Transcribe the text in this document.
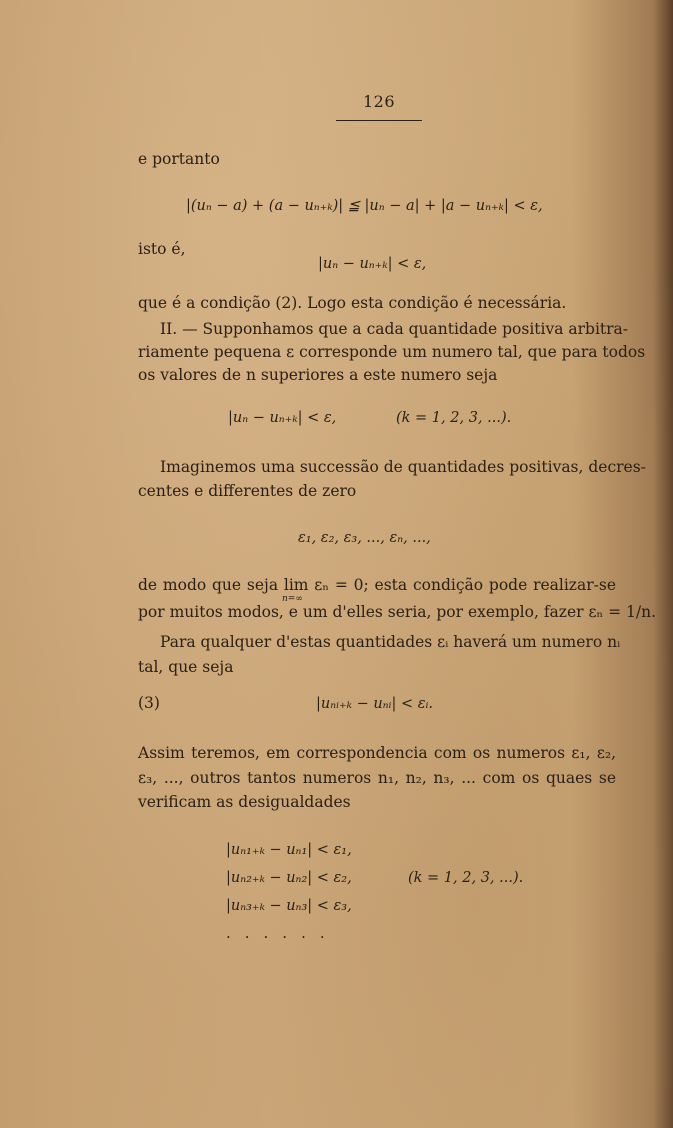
126
e portanto
|(uₙ − a) + (a − uₙ₊ₖ)| ≦ |uₙ − a| + |a − uₙ₊ₖ| < ε,
isto é,
|uₙ − uₙ₊ₖ| < ε,
que é a condição (2). Logo esta condição é necessária.
II. — Supponhamos que a cada quantidade positiva arbitra-
riamente pequena ε corresponde um numero tal, que para todos
os valores de n superiores a este numero seja
|uₙ − uₙ₊ₖ| < ε,	(k = 1, 2, 3, ...).
Imaginemos uma successão de quantidades positivas, decres-
centes e differentes de zero
ε₁, ε₂, ε₃, ..., εₙ, ...,
de modo que seja lim εₙ = 0; esta condição pode realizar-se
n=∞
por muitos modos, e um d'elles seria, por exemplo, fazer εₙ = 1/n.
Para qualquer d'estas quantidades εᵢ haverá um numero nᵢ
tal, que seja
(3)	|uₙᵢ₊ₖ − uₙᵢ| < εᵢ.
Assim teremos, em correspondencia com os numeros ε₁, ε₂,
ε₃, ..., outros tantos numeros n₁, n₂, n₃, ... com os quaes se
verificam as desigualdades
|uₙ₁₊ₖ − uₙ₁| < ε₁,
|uₙ₂₊ₖ − uₙ₂| < ε₂,	(k = 1, 2, 3, ...).
|uₙ₃₊ₖ − uₙ₃| < ε₃,
......
